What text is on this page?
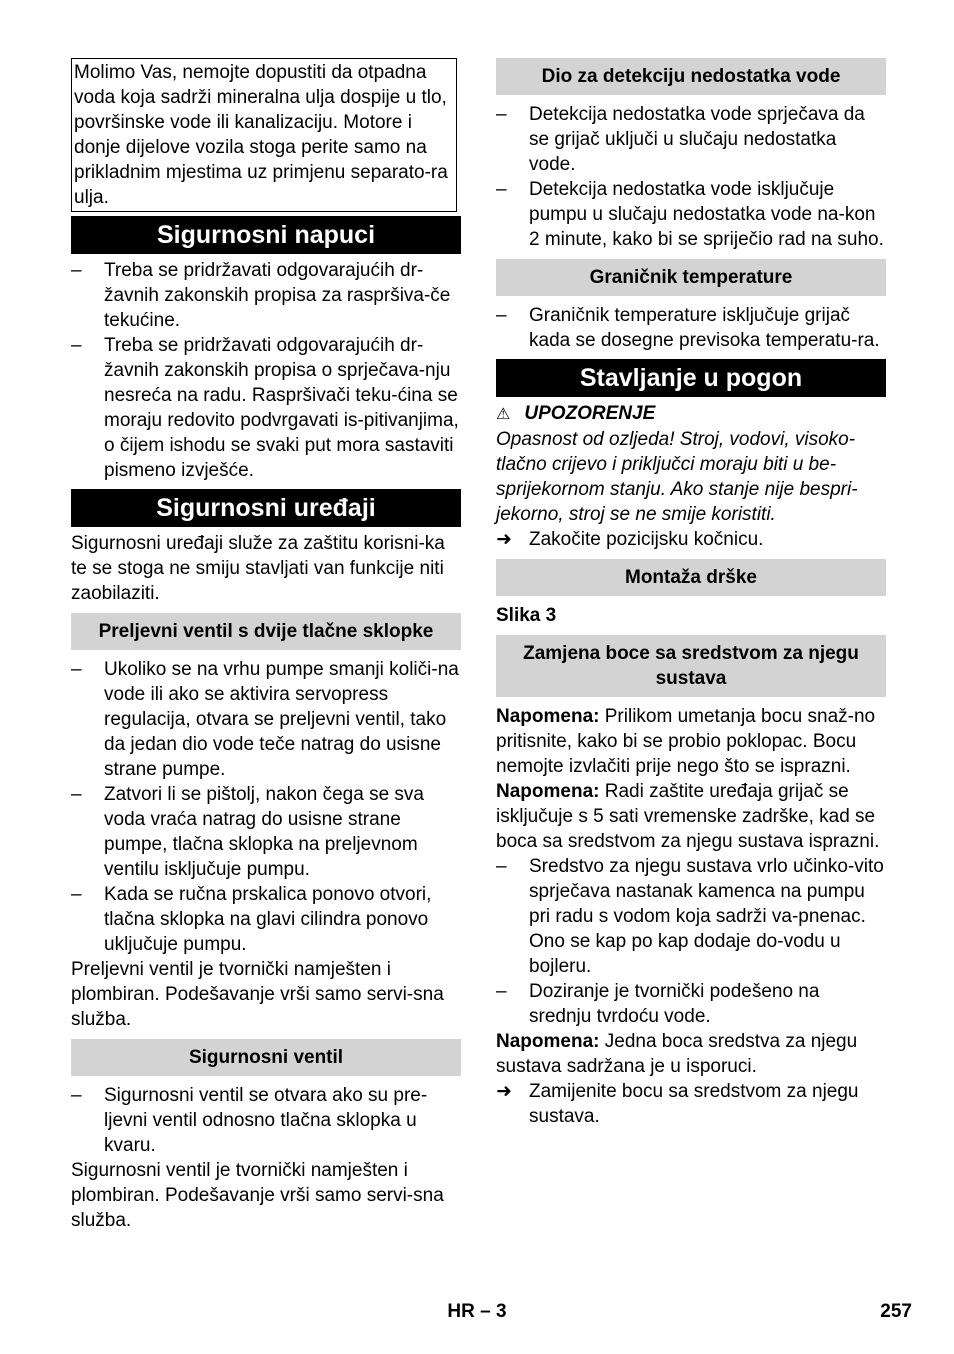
Molimo Vas, nemojte dopustiti da otpadna voda koja sadrži mineralna ulja dospije u tlo, površinske vode ili kanalizaciju. Motore i donje dijelove vozila stoga perite samo na prikladnim mjestima uz primjenu separato-ra ulja.
Sigurnosni napuci
– Treba se pridržavati odgovarajućih dr-žavnih zakonskih propisa za raspršiva-če tekućine.
– Treba se pridržavati odgovarajućih dr-žavnih zakonskih propisa o sprječava-nju nesreća na radu. Raspršivači teku-ćina se moraju redovito podvrgavati is-pitivanjima, o čijem ishodu se svaki put mora sastaviti pismeno izvješće.
Sigurnosni uređaji

Sigurnosni uređaji služe za zaštitu korisni-ka te se stoga ne smiju stavljati van funkcije niti zaobilaziti.

Preljevni ventil s dvije tlačne sklopke
– Ukoliko se na vrhu pumpe smanji količi-na vode ili ako se aktivira servopress regulacija, otvara se preljevni ventil, tako da jedan dio vode teče natrag do usisne strane pumpe.
– Zatvori li se pištolj, nakon čega se sva voda vraća natrag do usisne strane pumpe, tlačna sklopka na preljevnom ventilu isključuje pumpu.
– Kada se ručna prskalica ponovo otvori, tlačna sklopka na glavi cilindra ponovo uključuje pumpu.

Preljevni ventil je tvornički namješten i plombiran. Podešavanje vrši samo servi-sna služba.

Sigurnosni ventil
– Sigurnosni ventil se otvara ako su pre-ljevni ventil odnosno tlačna sklopka u kvaru.

Sigurnosni ventil je tvornički namješten i plombiran. Podešavanje vrši samo servi-sna služba.

Dio za detekciju nedostatka vode
– Detekcija nedostatka vode sprječava da se grijač uključi u slučaju nedostatka vode.
– Detekcija nedostatka vode isključuje pumpu u slučaju nedostatka vode na-kon 2 minute, kako bi se spriječio rad na suho.
Graničnik temperature
– Graničnik temperature isključuje grijač kada se dosegne previsoka temperatu-ra.
Stavljanje u pogon
⚠ UPOZORENJE

Opasnost od ozljeda! Stroj, vodovi, visoko-tlačno crijevo i priključci moraju biti u be-sprijekornom stanju. Ako stanje nije bespri-jekorno, stroj se ne smije koristiti.

➜ Zakočite pozicijsku kočnicu.
Montaža drške

Slika 3

Zamjena boce sa sredstvom za njegu sustava

Napomena: Prilikom umetanja bocu snaž-no pritisnite, kako bi se probio poklopac. Bocu nemojte izvlačiti prije nego što se isprazni.

Napomena: Radi zaštite uređaja grijač se isključuje s 5 sati vremenske zadrške, kad se boca sa sredstvom za njegu sustava isprazni.

– Sredstvo za njegu sustava vrlo učinko-vito sprječava nastanak kamenca na pumpu pri radu s vodom koja sadrži va-pnenac. Ono se kap po kap dodaje do-vodu u bojleru.
– Doziranje je tvornički podešeno na srednju tvrdoću vode.

Napomena: Jedna boca sredstva za njegu sustava sadržana je u isporuci.

➜ Zamijenite bocu sa sredstvom za njegu sustava.
HR – 3	257
